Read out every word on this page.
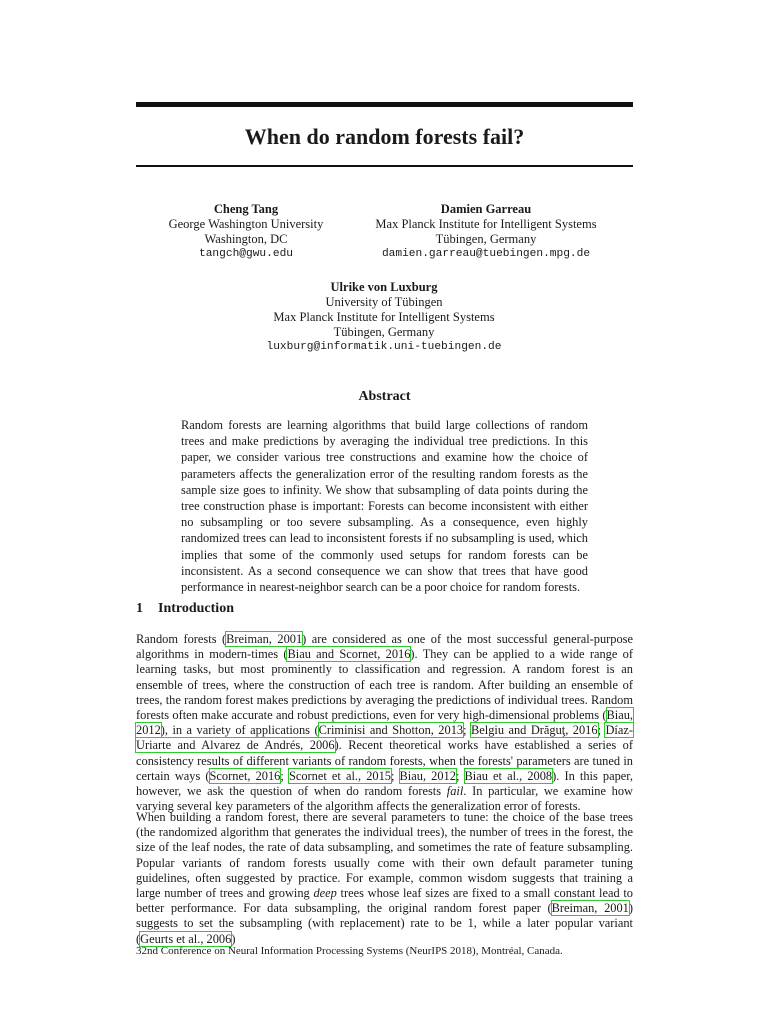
When do random forests fail?
Cheng Tang
George Washington University
Washington, DC
tangch@gwu.edu
Damien Garreau
Max Planck Institute for Intelligent Systems
Tübingen, Germany
damien.garreau@tuebingen.mpg.de
Ulrike von Luxburg
University of Tübingen
Max Planck Institute for Intelligent Systems
Tübingen, Germany
luxburg@informatik.uni-tuebingen.de
Abstract
Random forests are learning algorithms that build large collections of random trees and make predictions by averaging the individual tree predictions. In this paper, we consider various tree constructions and examine how the choice of parameters affects the generalization error of the resulting random forests as the sample size goes to infinity. We show that subsampling of data points during the tree construction phase is important: Forests can become inconsistent with either no subsampling or too severe subsampling. As a consequence, even highly randomized trees can lead to inconsistent forests if no subsampling is used, which implies that some of the commonly used setups for random forests can be inconsistent. As a second consequence we can show that trees that have good performance in nearest-neighbor search can be a poor choice for random forests.
1 Introduction
Random forests (Breiman, 2001) are considered as one of the most successful general-purpose algorithms in modern-times (Biau and Scornet, 2016). They can be applied to a wide range of learning tasks, but most prominently to classification and regression. A random forest is an ensemble of trees, where the construction of each tree is random. After building an ensemble of trees, the random forest makes predictions by averaging the predictions of individual trees. Random forests often make accurate and robust predictions, even for very high-dimensional problems (Biau, 2012), in a variety of applications (Criminisi and Shotton, 2013; Belgiu and Drăguţ, 2016; Díaz-Uriarte and Alvarez de Andrés, 2006). Recent theoretical works have established a series of consistency results of different variants of random forests, when the forests' parameters are tuned in certain ways (Scornet, 2016; Scornet et al., 2015; Biau, 2012; Biau et al., 2008). In this paper, however, we ask the question of when do random forests fail. In particular, we examine how varying several key parameters of the algorithm affects the generalization error of forests.
When building a random forest, there are several parameters to tune: the choice of the base trees (the randomized algorithm that generates the individual trees), the number of trees in the forest, the size of the leaf nodes, the rate of data subsampling, and sometimes the rate of feature subsampling. Popular variants of random forests usually come with their own default parameter tuning guidelines, often suggested by practice. For example, common wisdom suggests that training a large number of trees and growing deep trees whose leaf sizes are fixed to a small constant lead to better performance. For data subsampling, the original random forest paper (Breiman, 2001) suggests to set the subsampling (with replacement) rate to be 1, while a later popular variant (Geurts et al., 2006)
32nd Conference on Neural Information Processing Systems (NeurIPS 2018), Montréal, Canada.
